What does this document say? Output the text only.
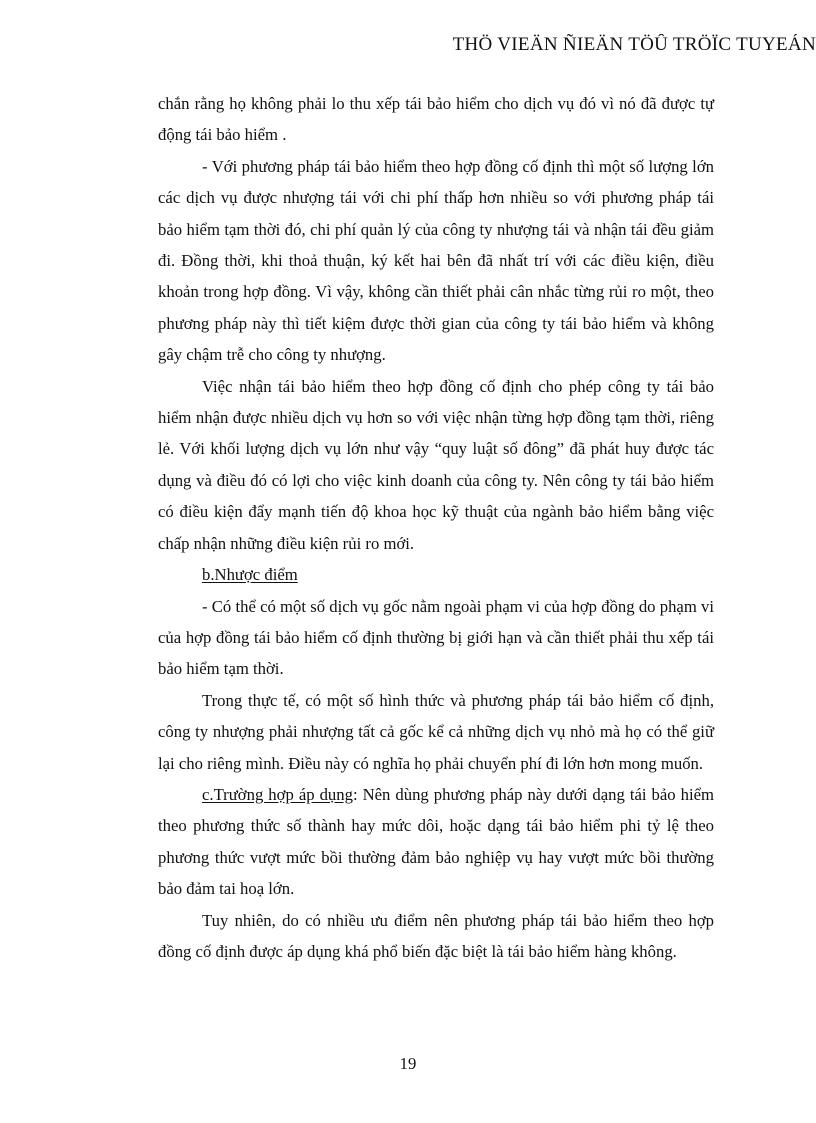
THÖ VIEÄN ÑIEÄN TÖÛ TRÖÏC TUYEÁN

chắn rằng họ không phải lo thu xếp tái bảo hiểm cho dịch vụ đó vì nó đã được tự động tái bảo hiểm .

- Với phương pháp tái bảo hiểm theo hợp đồng cố định thì một số lượng lớn các dịch vụ được nhượng tái với chi phí thấp hơn nhiều so với phương pháp tái bảo hiểm tạm thời đó, chi phí quản lý của công ty nhượng tái và nhận tái đều giảm đi. Đồng thời, khi thoả thuận, ký kết hai bên đã nhất trí với các điều kiện, điều khoản trong hợp đồng. Vì vậy, không cần thiết phải cân nhắc từng rủi ro một, theo phương pháp này thì tiết kiệm được thời gian của công ty tái bảo hiểm và không gây chậm trễ cho công ty nhượng.

Việc nhận tái bảo hiểm theo hợp đồng cố định cho phép công ty tái bảo hiểm nhận được nhiều dịch vụ hơn so với việc nhận từng hợp đồng tạm thời, riêng lẻ. Với khối lượng dịch vụ lớn như vậy “quy luật số đông” đã phát huy được tác dụng và điều đó có lợi cho việc kinh doanh của công ty. Nên công ty tái bảo hiểm có điều kiện đẩy mạnh tiến độ khoa học kỹ thuật của ngành bảo hiểm bằng việc chấp nhận những điều kiện rủi ro mới.

b.Nhược điểm

- Có thể có một số dịch vụ gốc nằm ngoài phạm vi của hợp đồng do phạm vi của hợp đồng tái bảo hiểm cố định thường bị giới hạn và cần thiết phải thu xếp tái bảo hiểm tạm thời.

Trong thực tế, có một số hình thức và phương pháp tái bảo hiểm cố định, công ty nhượng phải nhượng tất cả gốc kể cả những dịch vụ nhỏ mà họ có thể giữ lại cho riêng mình. Điều này có nghĩa họ phải chuyển phí đi lớn hơn mong muốn.

c.Trường hợp áp dụng: Nên dùng phương pháp này dưới dạng tái bảo hiểm theo phương thức số thành hay mức dôi, hoặc dạng tái bảo hiểm phi tỷ lệ theo phương thức vượt mức bồi thường đảm bảo nghiệp vụ hay vượt mức bồi thường bảo đảm tai hoạ lớn.

Tuy nhiên, do có nhiều ưu điểm nên phương pháp tái bảo hiểm theo hợp đồng cố định được áp dụng khá phổ biến đặc biệt là tái bảo hiểm hàng không.

19
